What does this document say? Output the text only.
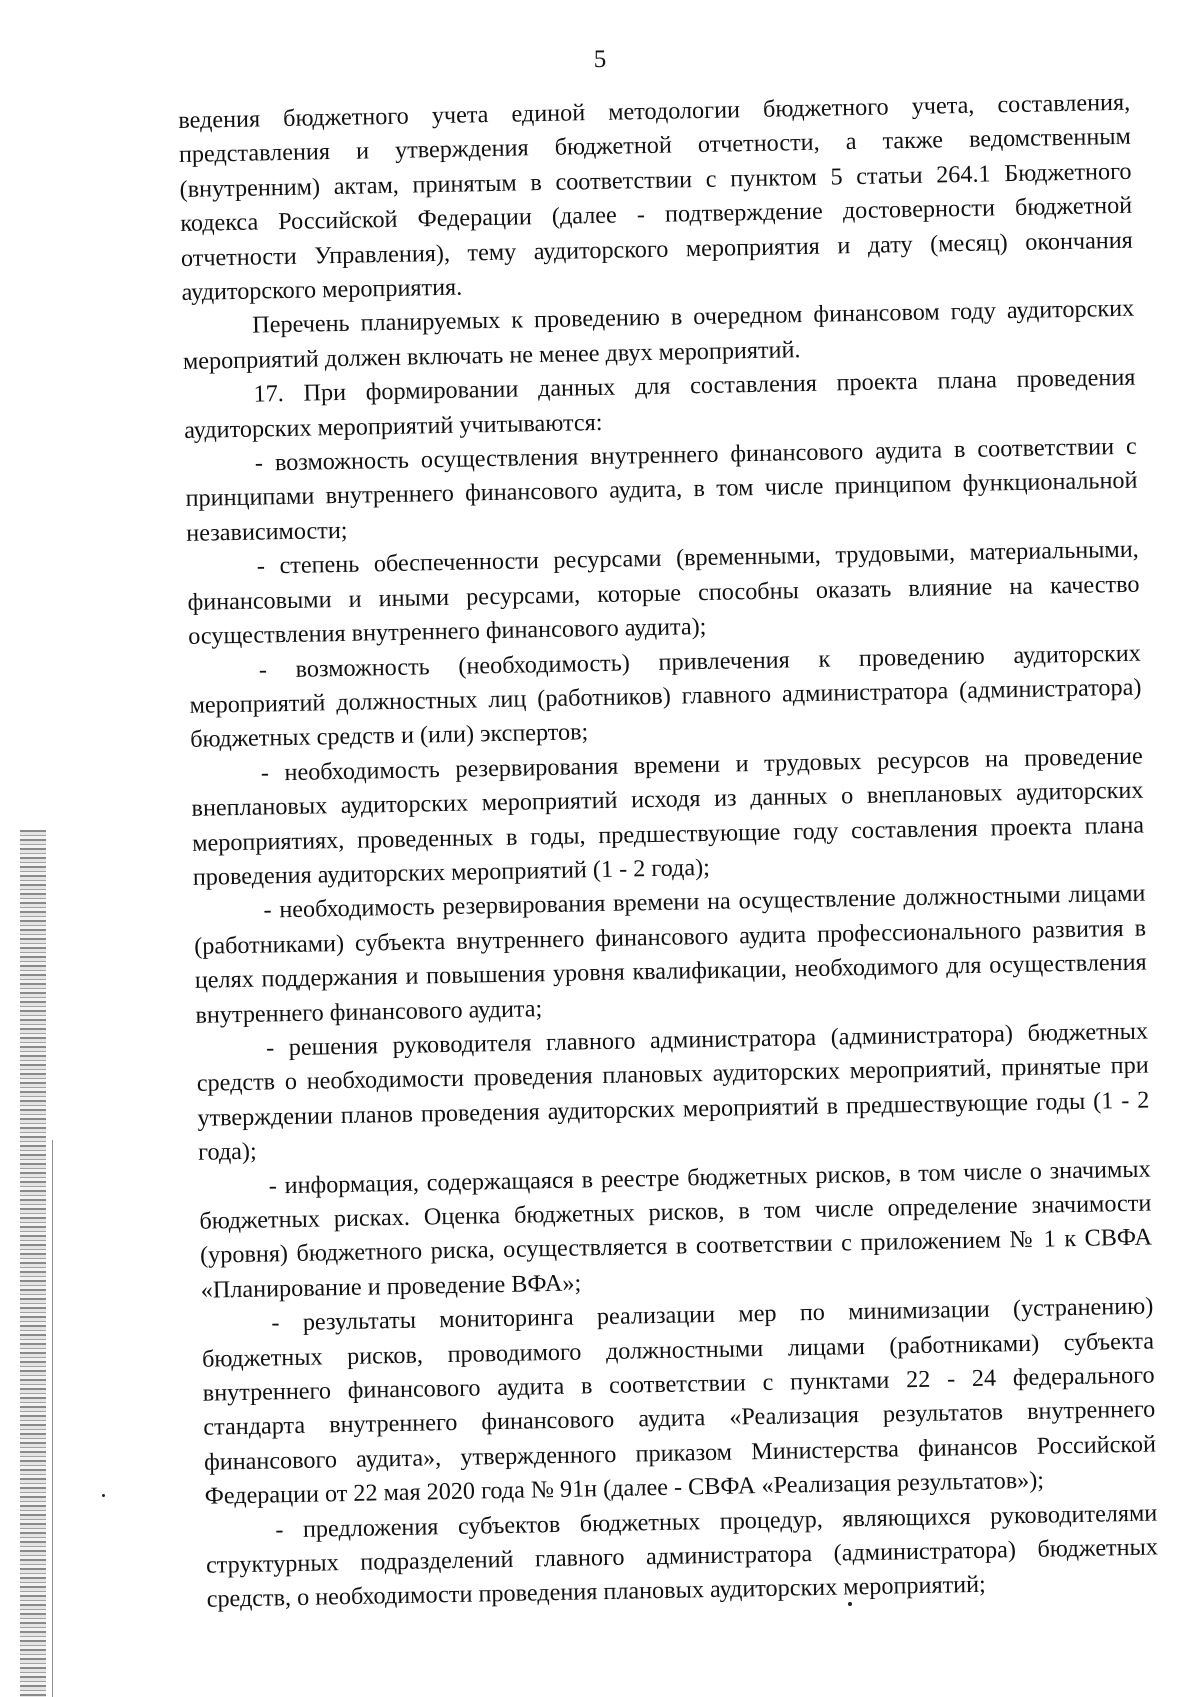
5

ведения бюджетного учета единой методологии бюджетного учета, составления, представления и утверждения бюджетной отчетности, а также ведомственным (внутренним) актам, принятым в соответствии с пунктом 5 статьи 264.1 Бюджетного кодекса Российской Федерации (далее - подтверждение достоверности бюджетной отчетности Управления), тему аудиторского мероприятия и дату (месяц) окончания аудиторского мероприятия.

Перечень планируемых к проведению в очередном финансовом году аудиторских мероприятий должен включать не менее двух мероприятий.

17. При формировании данных для составления проекта плана проведения аудиторских мероприятий учитываются:

- возможность осуществления внутреннего финансового аудита в соответствии с принципами внутреннего финансового аудита, в том числе принципом функциональной независимости;

- степень обеспеченности ресурсами (временными, трудовыми, материальными, финансовыми и иными ресурсами, которые способны оказать влияние на качество осуществления внутреннего финансового аудита);

- возможность (необходимость) привлечения к проведению аудиторских мероприятий должностных лиц (работников) главного администратора (администратора) бюджетных средств и (или) экспертов;

- необходимость резервирования времени и трудовых ресурсов на проведение внеплановых аудиторских мероприятий исходя из данных о внеплановых аудиторских мероприятиях, проведенных в годы, предшествующие году составления проекта плана проведения аудиторских мероприятий (1 - 2 года);

- необходимость резервирования времени на осуществление должностными лицами (работниками) субъекта внутреннего финансового аудита профессионального развития в целях поддержания и повышения уровня квалификации, необходимого для осуществления внутреннего финансового аудита;

- решения руководителя главного администратора (администратора) бюджетных средств о необходимости проведения плановых аудиторских мероприятий, принятые при утверждении планов проведения аудиторских мероприятий в предшествующие годы (1 - 2 года);

- информация, содержащаяся в реестре бюджетных рисков, в том числе о значимых бюджетных рисках. Оценка бюджетных рисков, в том числе определение значимости (уровня) бюджетного риска, осуществляется в соответствии с приложением № 1 к СВФА «Планирование и проведение ВФА»;

- результаты мониторинга реализации мер по минимизации (устранению) бюджетных рисков, проводимого должностными лицами (работниками) субъекта внутреннего финансового аудита в соответствии с пунктами 22 - 24 федерального стандарта внутреннего финансового аудита «Реализация результатов внутреннего финансового аудита», утвержденного приказом Министерства финансов Российской Федерации от 22 мая 2020 года № 91н (далее - СВФА «Реализация результатов»);

- предложения субъектов бюджетных процедур, являющихся руководителями структурных подразделений главного администратора (администратора) бюджетных средств, о необходимости проведения плановых аудиторских мероприятий;
